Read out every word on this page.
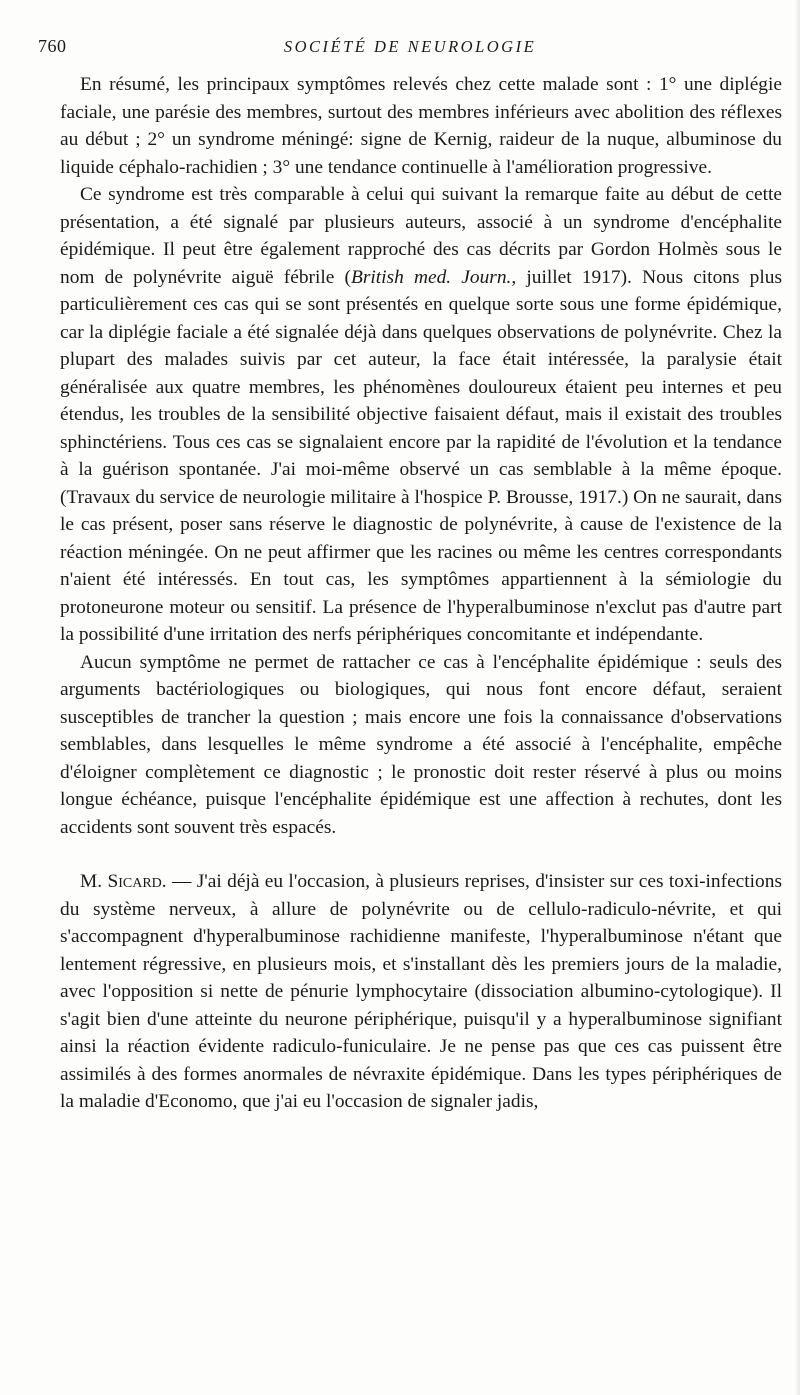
760	SOCIÉTÉ DE NEUROLOGIE

En résumé, les principaux symptômes relevés chez cette malade sont : 1° une diplégie faciale, une parésie des membres, surtout des membres inférieurs avec abolition des réflexes au début ; 2° un syndrome méningé: signe de Kernig, raideur de la nuque, albuminose du liquide céphalo-rachidien ; 3° une tendance continuelle à l'amélioration progressive.

Ce syndrome est très comparable à celui qui suivant la remarque faite au début de cette présentation, a été signalé par plusieurs auteurs, associé à un syndrome d'encéphalite épidémique. Il peut être également rapproché des cas décrits par Gordon Holmès sous le nom de polynévrite aiguë fébrile (British med. Journ., juillet 1917). Nous citons plus particulièrement ces cas qui se sont présentés en quelque sorte sous une forme épidémique, car la diplégie faciale a été signalée déjà dans quelques observations de polynévrite. Chez la plupart des malades suivis par cet auteur, la face était intéressée, la paralysie était généralisée aux quatre membres, les phénomènes douloureux étaient peu internes et peu étendus, les troubles de la sensibilité objective faisaient défaut, mais il existait des troubles sphinctériens. Tous ces cas se signalaient encore par la rapidité de l'évolution et la tendance à la guérison spontanée. J'ai moi-même observé un cas semblable à la même époque. (Travaux du service de neurologie militaire à l'hospice P. Brousse, 1917.) On ne saurait, dans le cas présent, poser sans réserve le diagnostic de polynévrite, à cause de l'existence de la réaction méningée. On ne peut affirmer que les racines ou même les centres correspondants n'aient été intéressés. En tout cas, les symptômes appartiennent à la sémiologie du protoneurone moteur ou sensitif. La présence de l'hyperalbuminose n'exclut pas d'autre part la possibilité d'une irritation des nerfs périphériques concomitante et indépendante.

Aucun symptôme ne permet de rattacher ce cas à l'encéphalite épidémique : seuls des arguments bactériologiques ou biologiques, qui nous font encore défaut, seraient susceptibles de trancher la question ; mais encore une fois la connaissance d'observations semblables, dans lesquelles le même syndrome a été associé à l'encéphalite, empêche d'éloigner complètement ce diagnostic ; le pronostic doit rester réservé à plus ou moins longue échéance, puisque l'encéphalite épidémique est une affection à rechutes, dont les accidents sont souvent très espacés.

M. Sicard. — J'ai déjà eu l'occasion, à plusieurs reprises, d'insister sur ces toxi-infections du système nerveux, à allure de polynévrite ou de cellulo-radiculo-névrite, et qui s'accompagnent d'hyperalbuminose rachidienne manifeste, l'hyperalbuminose n'étant que lentement régressive, en plusieurs mois, et s'installant dès les premiers jours de la maladie, avec l'opposition si nette de pénurie lymphocytaire (dissociation albumino-cytologique). Il s'agit bien d'une atteinte du neurone périphérique, puisqu'il y a hyperalbuminose signifiant ainsi la réaction évidente radiculo-funiculaire. Je ne pense pas que ces cas puissent être assimilés à des formes anormales de névraxite épidémique. Dans les types périphériques de la maladie d'Economo, que j'ai eu l'occasion de signaler jadis,
